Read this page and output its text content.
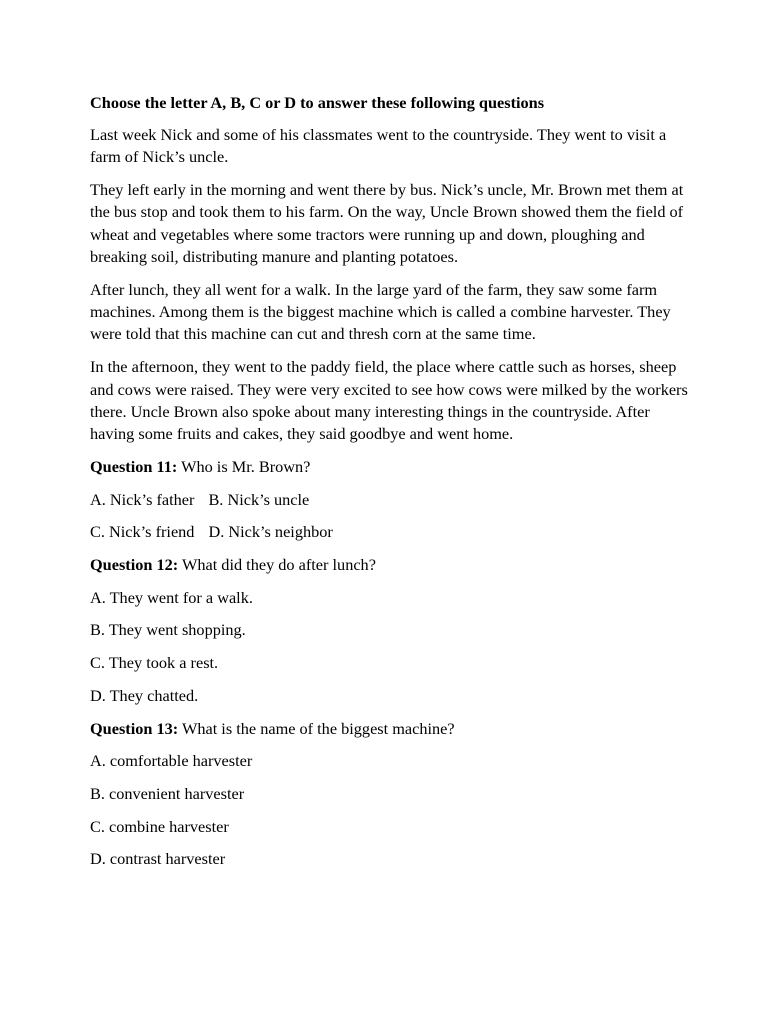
Choose the letter A, B, C or D to answer these following questions

Last week Nick and some of his classmates went to the countryside. They went to visit a farm of Nick’s uncle.

They left early in the morning and went there by bus. Nick’s uncle, Mr. Brown met them at the bus stop and took them to his farm. On the way, Uncle Brown showed them the field of wheat and vegetables where some tractors were running up and down, ploughing and breaking soil, distributing manure and planting potatoes.

After lunch, they all went for a walk. In the large yard of the farm, they saw some farm machines. Among them is the biggest machine which is called a combine harvester. They were told that this machine can cut and thresh corn at the same time.

In the afternoon, they went to the paddy field, the place where cattle such as horses, sheep and cows were raised. They were very excited to see how cows were milked by the workers there. Uncle Brown also spoke about many interesting things in the countryside. After having some fruits and cakes, they said goodbye and went home.

Question 11: Who is Mr. Brown?

A. Nick’s father B. Nick’s uncle

C. Nick’s friend D. Nick’s neighbor

Question 12: What did they do after lunch?

A. They went for a walk.

B. They went shopping.

C. They took a rest.

D. They chatted.

Question 13: What is the name of the biggest machine?

A. comfortable harvester

B. convenient harvester

C. combine harvester

D. contrast harvester
